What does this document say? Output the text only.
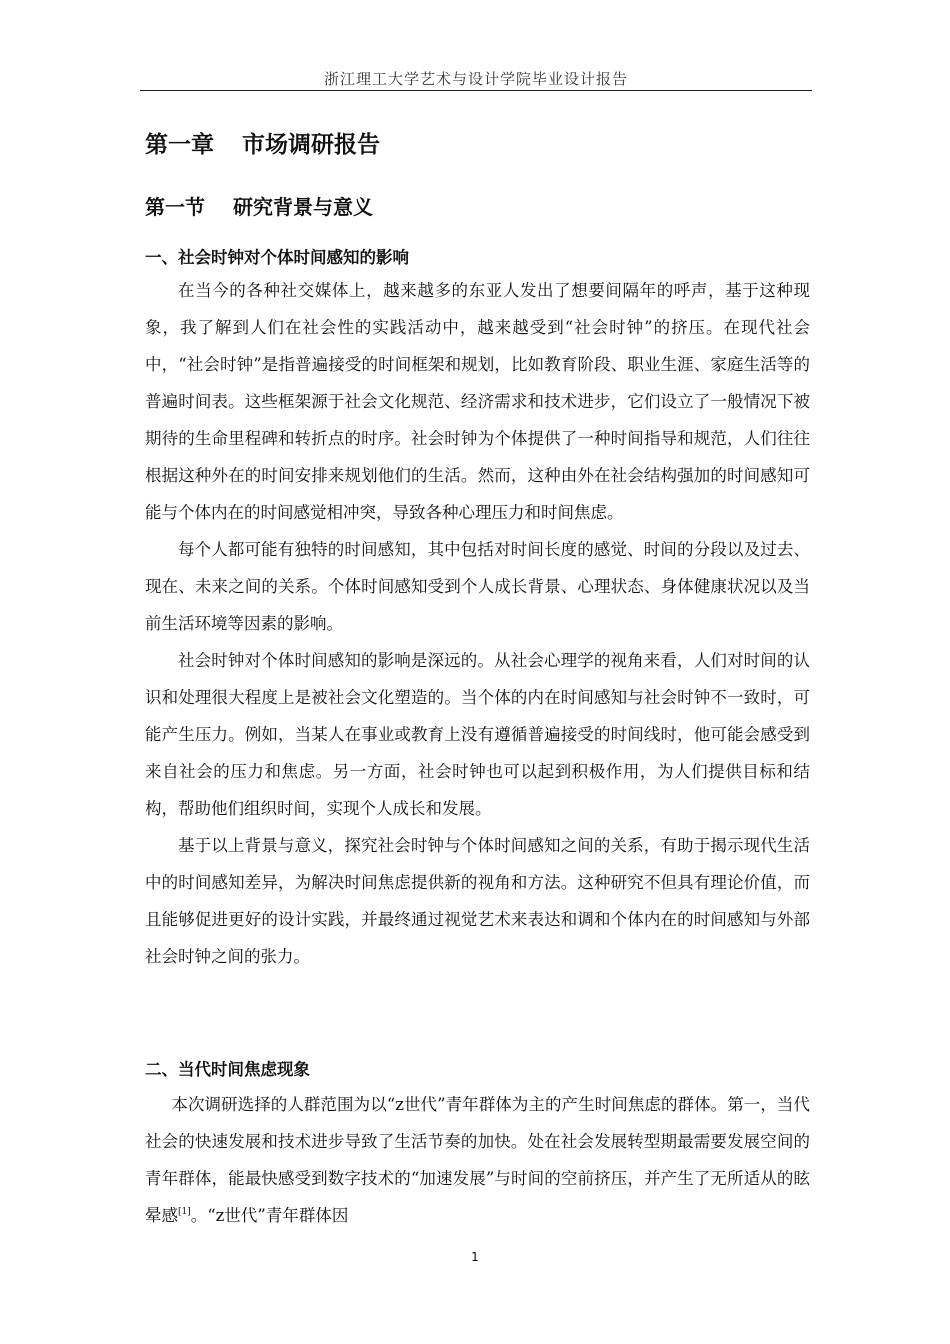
浙江理工大学艺术与设计学院毕业设计报告
第一章 市场调研报告
第一节 研究背景与意义
一、社会时钟对个体时间感知的影响

在当今的各种社交媒体上，越来越多的东亚人发出了想要间隔年的呼声，基于这种现象，我了解到人们在社会性的实践活动中，越来越受到“社会时钟”的挤压。在现代社会中，“社会时钟”是指普遍接受的时间框架和规划，比如教育阶段、职业生涯、家庭生活等的普遍时间表。这些框架源于社会文化规范、经济需求和技术进步，它们设立了一般情况下被期待的生命里程碑和转折点的时序。社会时钟为个体提供了一种时间指导和规范，人们往往根据这种外在的时间安排来规划他们的生活。然而，这种由外在社会结构强加的时间感知可能与个体内在的时间感觉相冲突，导致各种心理压力和时间焦虑。

每个人都可能有独特的时间感知，其中包括对时间长度的感觉、时间的分段以及过去、现在、未来之间的关系。个体时间感知受到个人成长背景、心理状态、身体健康状况以及当前生活环境等因素的影响。

社会时钟对个体时间感知的影响是深远的。从社会心理学的视角来看，人们对时间的认识和处理很大程度上是被社会文化塑造的。当个体的内在时间感知与社会时钟不一致时，可能产生压力。例如，当某人在事业或教育上没有遵循普遍接受的时间线时，他可能会感受到来自社会的压力和焦虑。另一方面，社会时钟也可以起到积极作用，为人们提供目标和结构，帮助他们组织时间，实现个人成长和发展。

基于以上背景与意义，探究社会时钟与个体时间感知之间的关系，有助于揭示现代生活中的时间感知差异，为解决时间焦虑提供新的视角和方法。这种研究不但具有理论价值，而且能够促进更好的设计实践，并最终通过视觉艺术来表达和调和个体内在的时间感知与外部社会时钟之间的张力。

二、当代时间焦虑现象

本次调研选择的人群范围为以“z世代”青年群体为主的产生时间焦虑的群体。第一，当代社会的快速发展和技术进步导致了生活节奏的加快。处在社会发展转型期最需要发展空间的青年群体，能最快感受到数字技术的“加速发展”与时间的空前挤压，并产生了无所适从的眩晕感[1]。“z世代”青年群体因

1
